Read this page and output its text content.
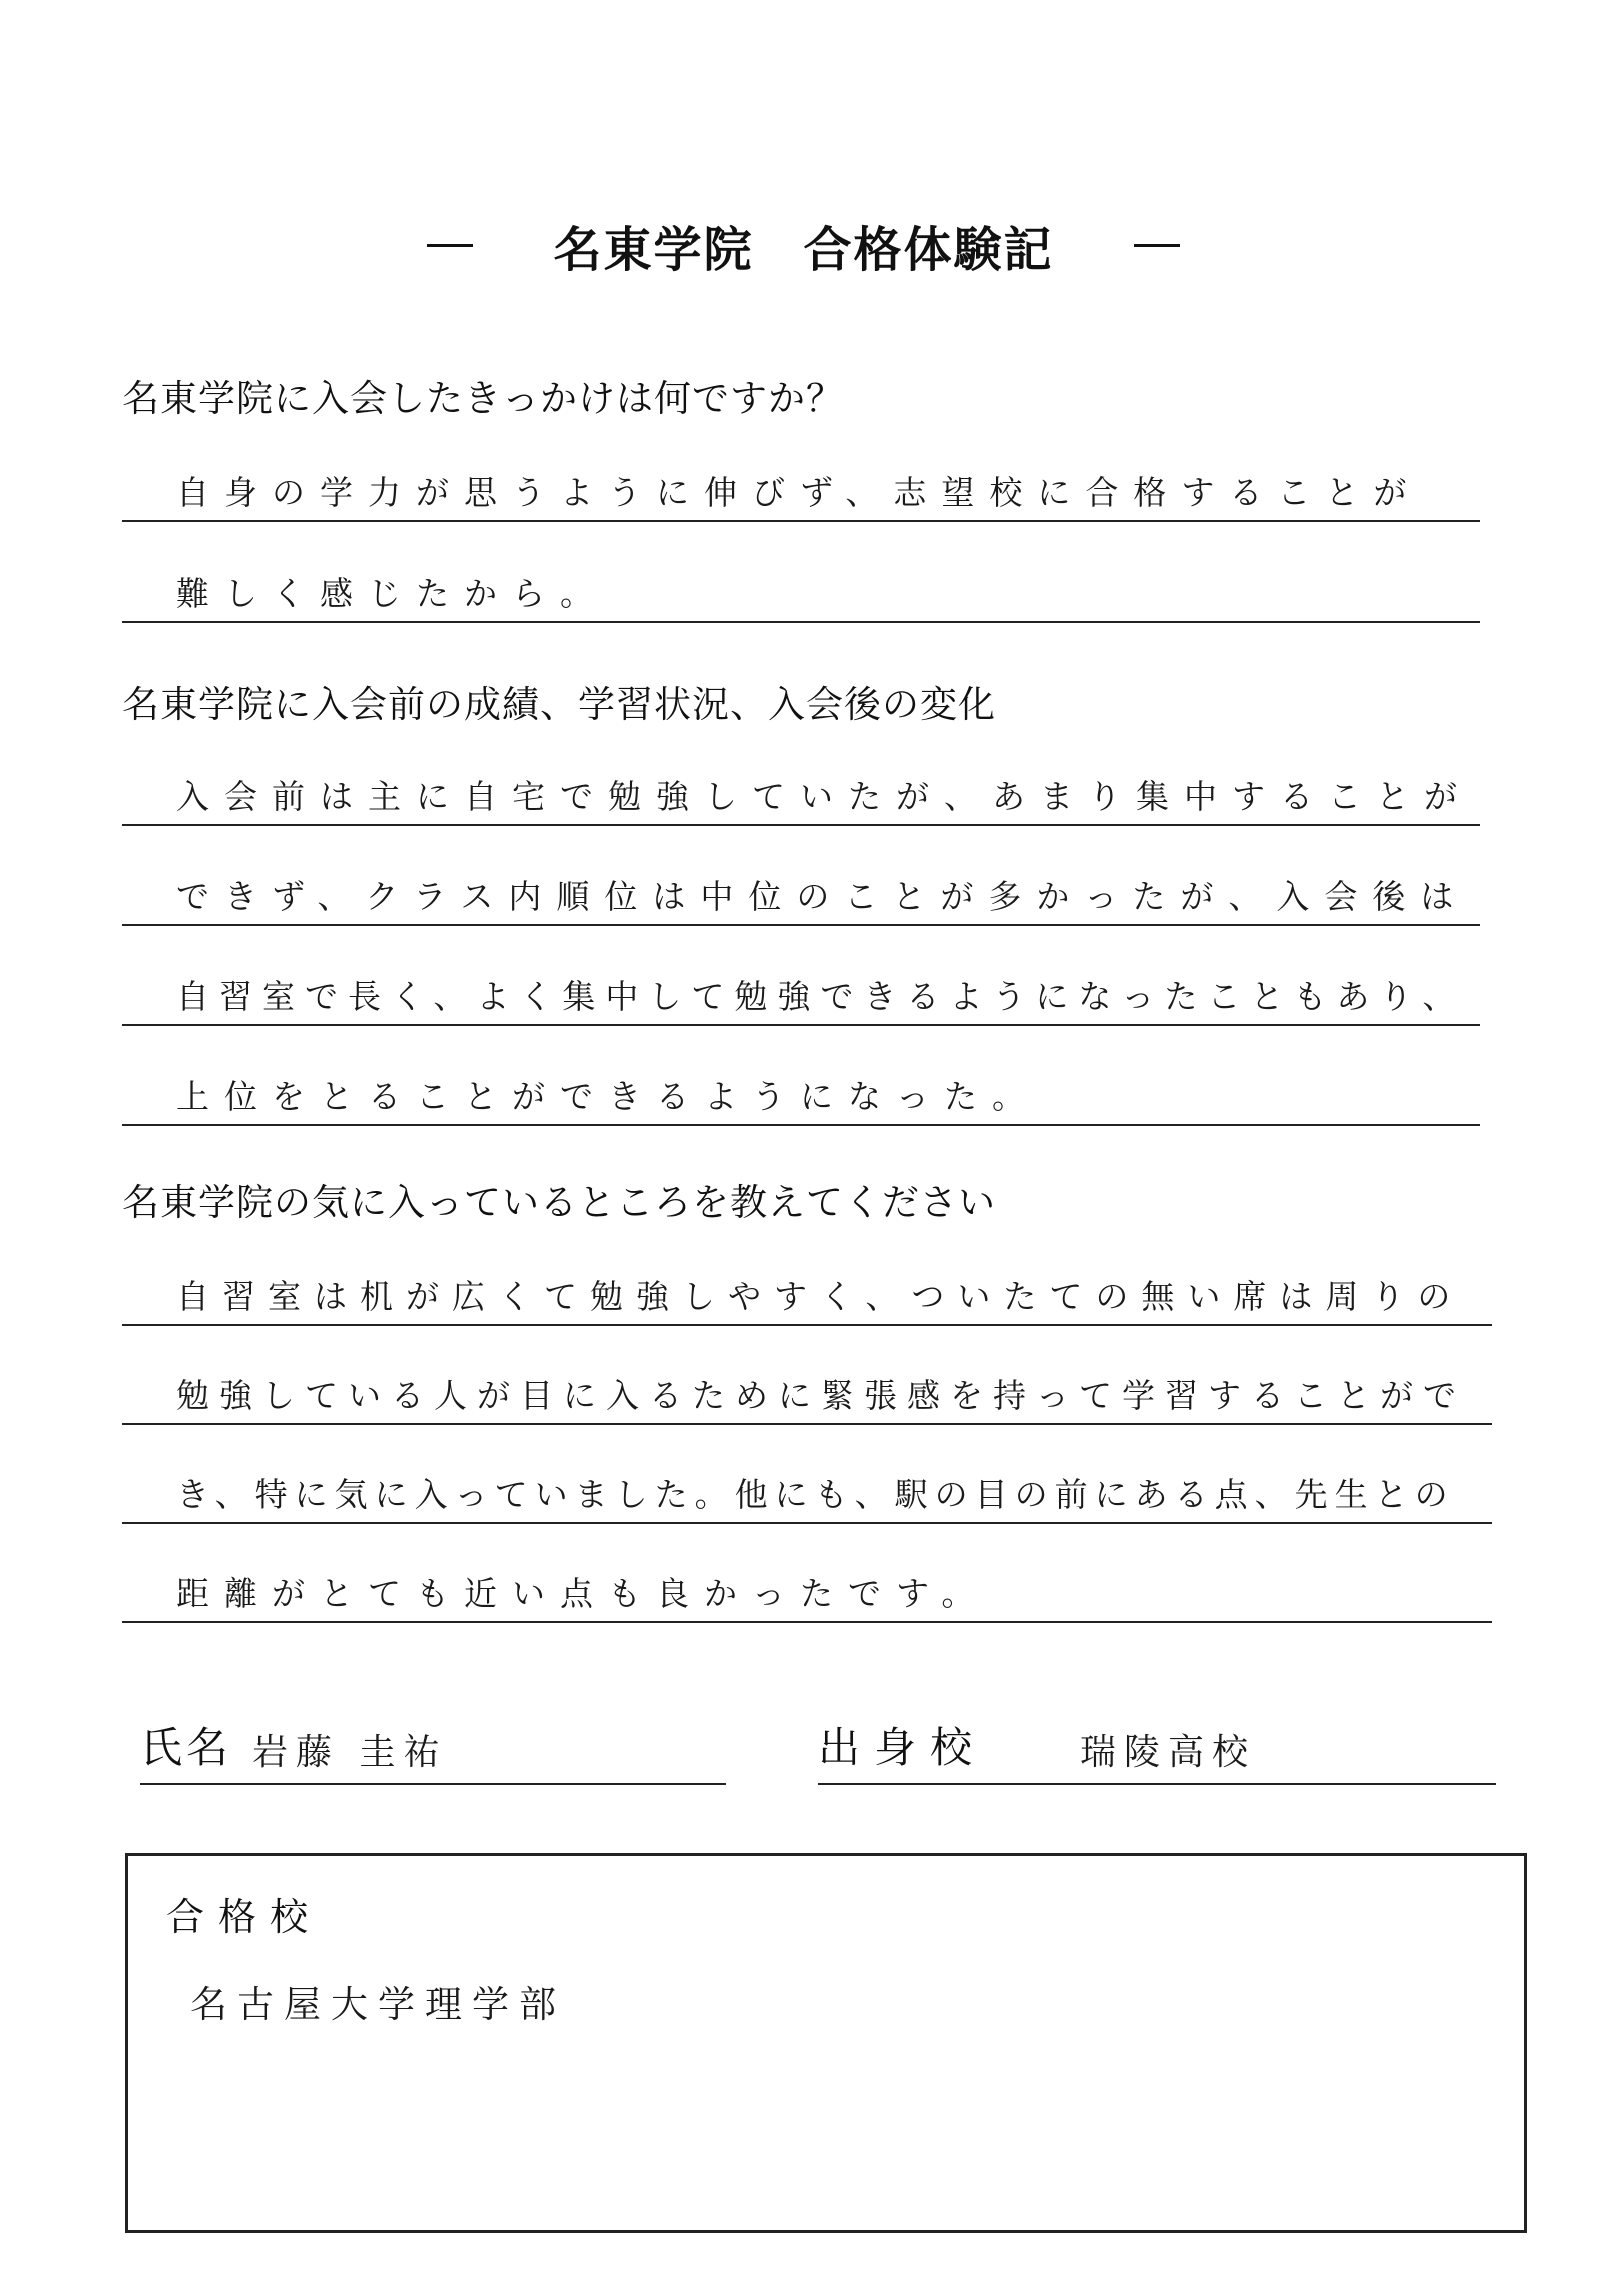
名東学院　合格体験記
名東学院に入会したきっかけは何ですか？
自身の学力が思うように伸びず、志望校に合格することが
難しく感じたから。
名東学院に入会前の成績、学習状況、入会後の変化
入会前は主に自宅で勉強していたが、あまり集中することが
できず、クラス内順位は中位のことが多かったが、入会後は
自習室で長く、よく集中して勉強できるようになったこともあり、
上位をとることができるようになった。
名東学院の気に入っているところを教えてください
自習室は机が広くて勉強しやすく、ついたての無い席は周りの
勉強している人が目に入るために緊張感を持って学習することがで
き、特に気に入っていました。他にも、駅の目の前にある点、先生との
距離がとても近い点も良かったです。
氏名 岩藤 圭祐	出身校	瑞陵高校
合格校
名古屋大学理学部
